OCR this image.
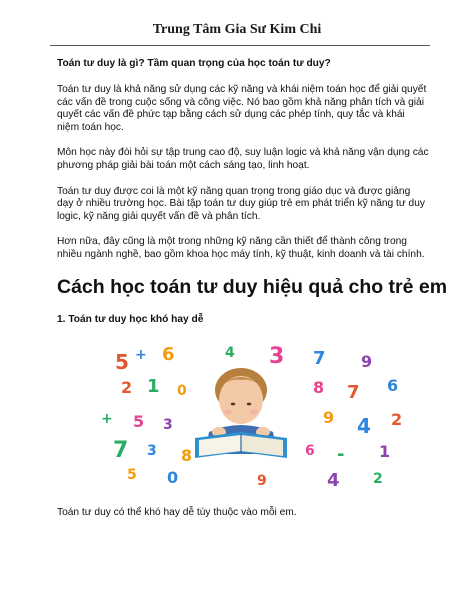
Trung Tâm Gia Sư Kim Chi
Toán tư duy là gì? Tầm quan trọng của học toán tư duy?
Toán tư duy là khả năng sử dụng các kỹ năng và khái niệm toán học để giải quyết các vấn đề trong cuộc sống và công việc. Nó bao gồm khả năng phân tích và giải quyết các vấn đề phức tạp bằng cách sử dụng các phép tính, quy tắc và khái niệm toán học.
Môn học này đòi hỏi sự tập trung cao độ, suy luận logic và khả năng vận dụng các phương pháp giải bài toán một cách sáng tạo, linh hoạt.
Toán tư duy được coi là một kỹ năng quan trọng trong giáo dục và được giảng dạy ở nhiều trường học. Bài tập toán tư duy giúp trẻ em phát triển kỹ năng tư duy logic, kỹ năng giải quyết vấn đề và phân tích.
Hơn nữa, đây cũng là một trong những kỹ năng cần thiết để thành công trong nhiều ngành nghề, bao gồm khoa học máy tính, kỹ thuật, kinh doanh và tài chính.
Cách học toán tư duy hiệu quả cho trẻ em
1. Toán tư duy học khó hay dễ
5 + 6	4 3 7 9
2 1 0	8 7 6
+ 5 3	9 4 2
7 3 8	6 - 1
5 0	9	4 2
Toán tư duy có thể khó hay dễ tùy thuộc vào mỗi em.
